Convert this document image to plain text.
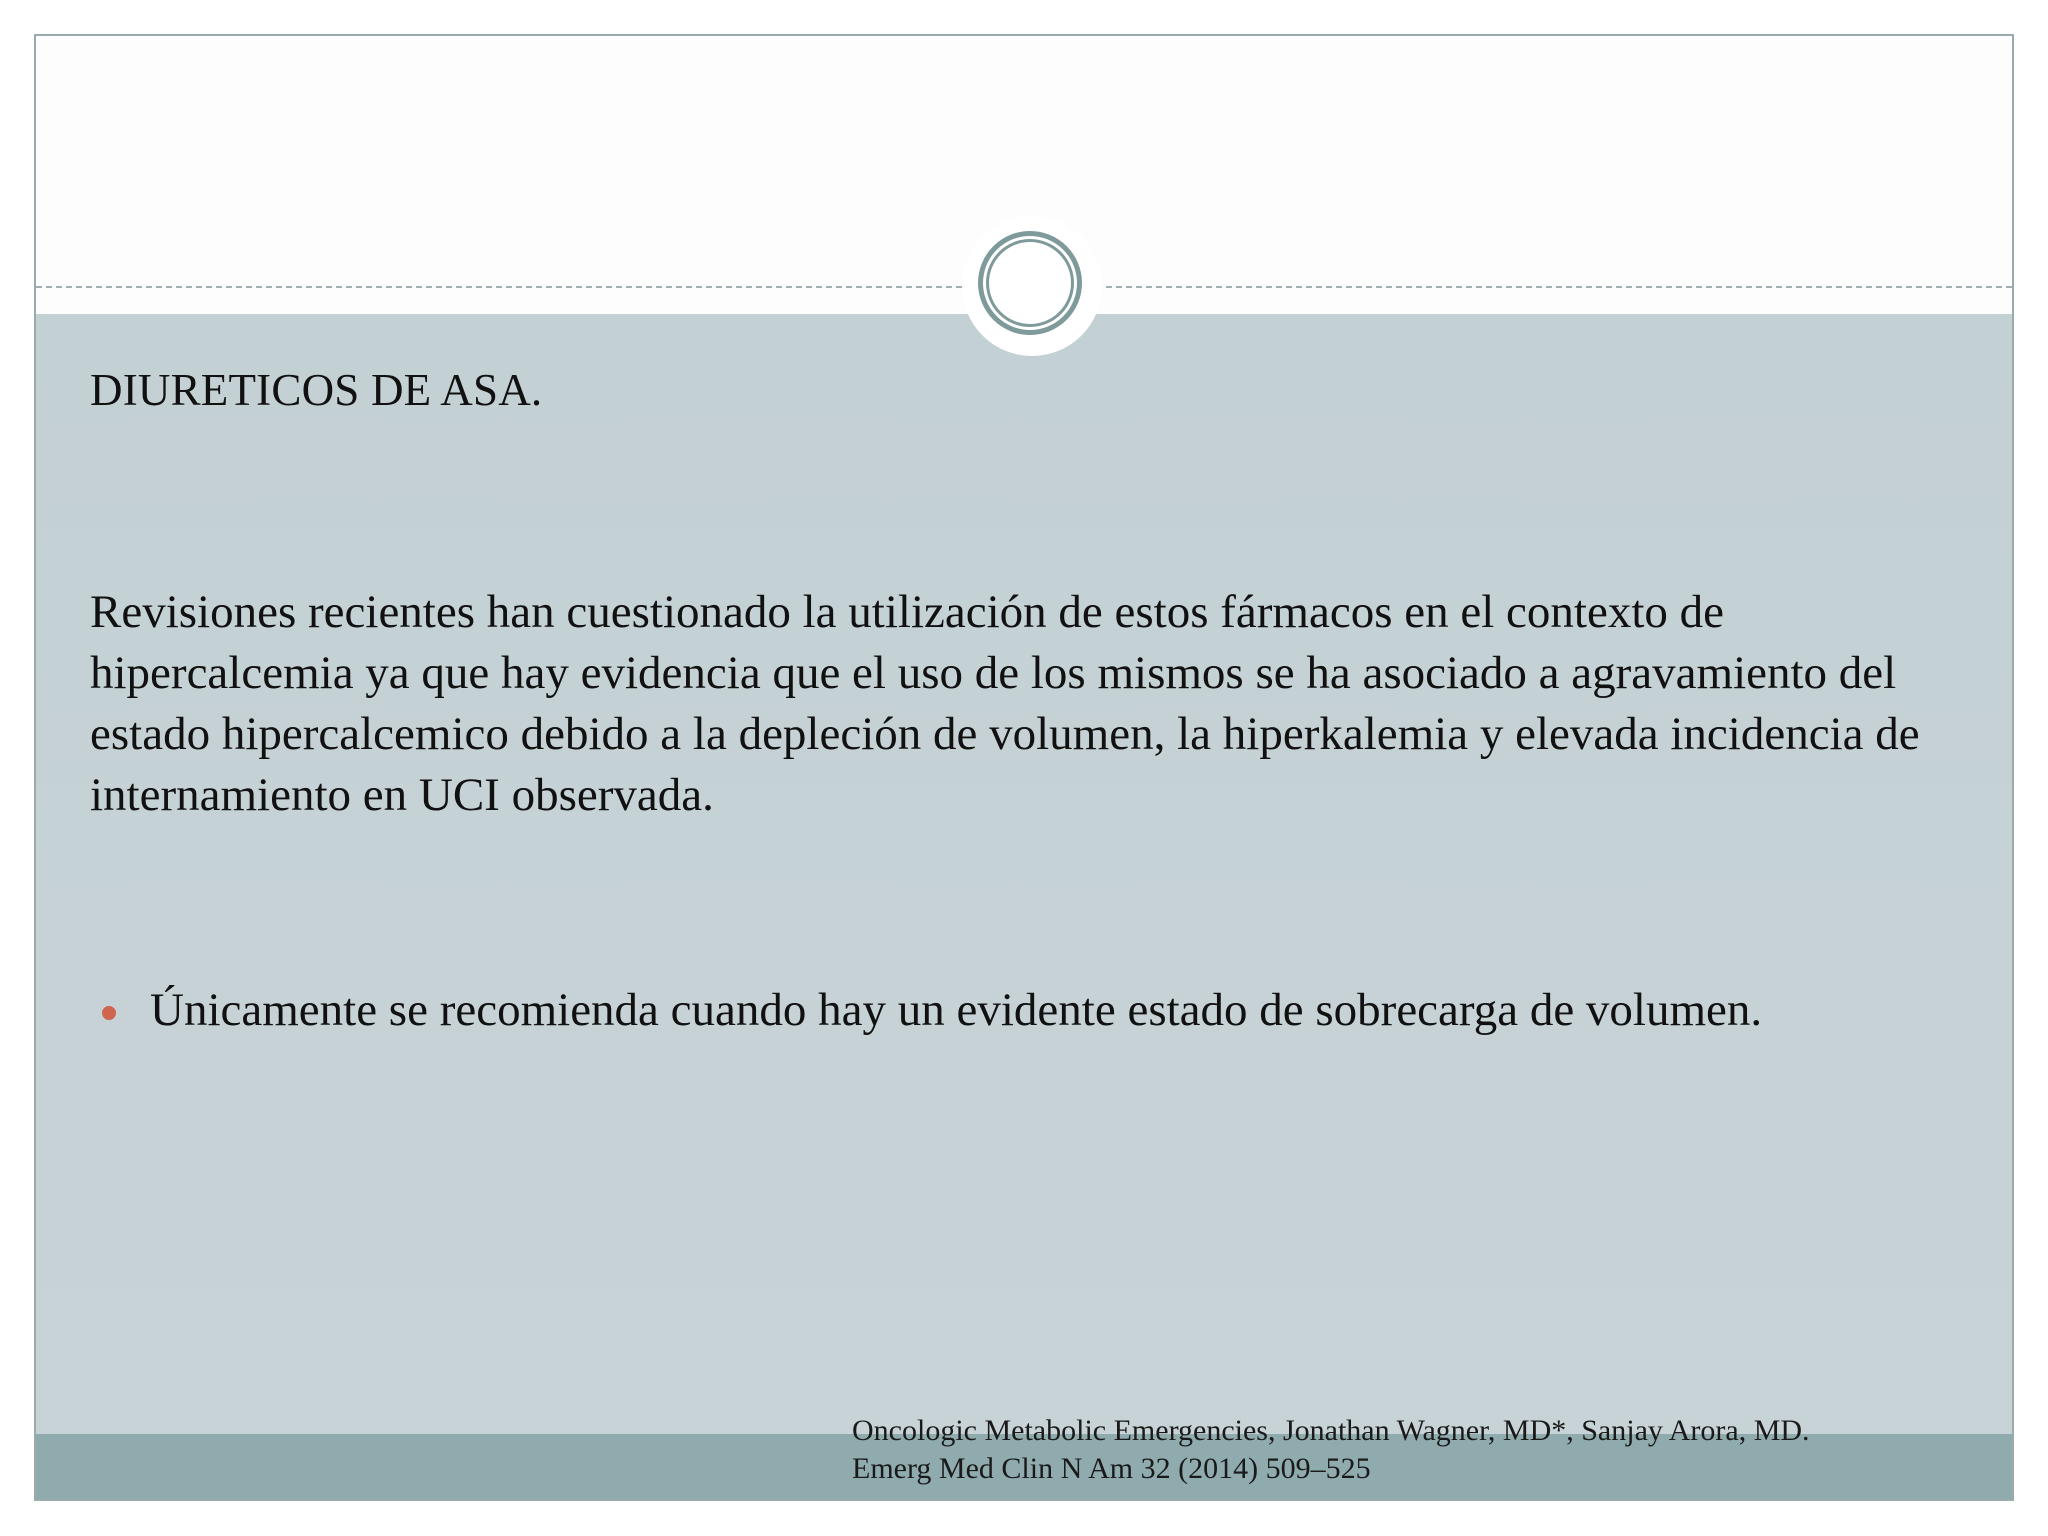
DIURETICOS DE ASA.

Revisiones recientes han cuestionado la utilización de estos fármacos en el contexto de hipercalcemia ya que hay evidencia que el uso de los mismos se ha asociado a agravamiento del estado hipercalcemico debido a la depleción de volumen, la hiperkalemia y elevada incidencia de internamiento en UCI observada.

Únicamente se recomienda cuando hay un evidente estado de sobrecarga de volumen.
Oncologic Metabolic Emergencies, Jonathan Wagner, MD*, Sanjay Arora, MD.
Emerg Med Clin N Am 32 (2014) 509–525
